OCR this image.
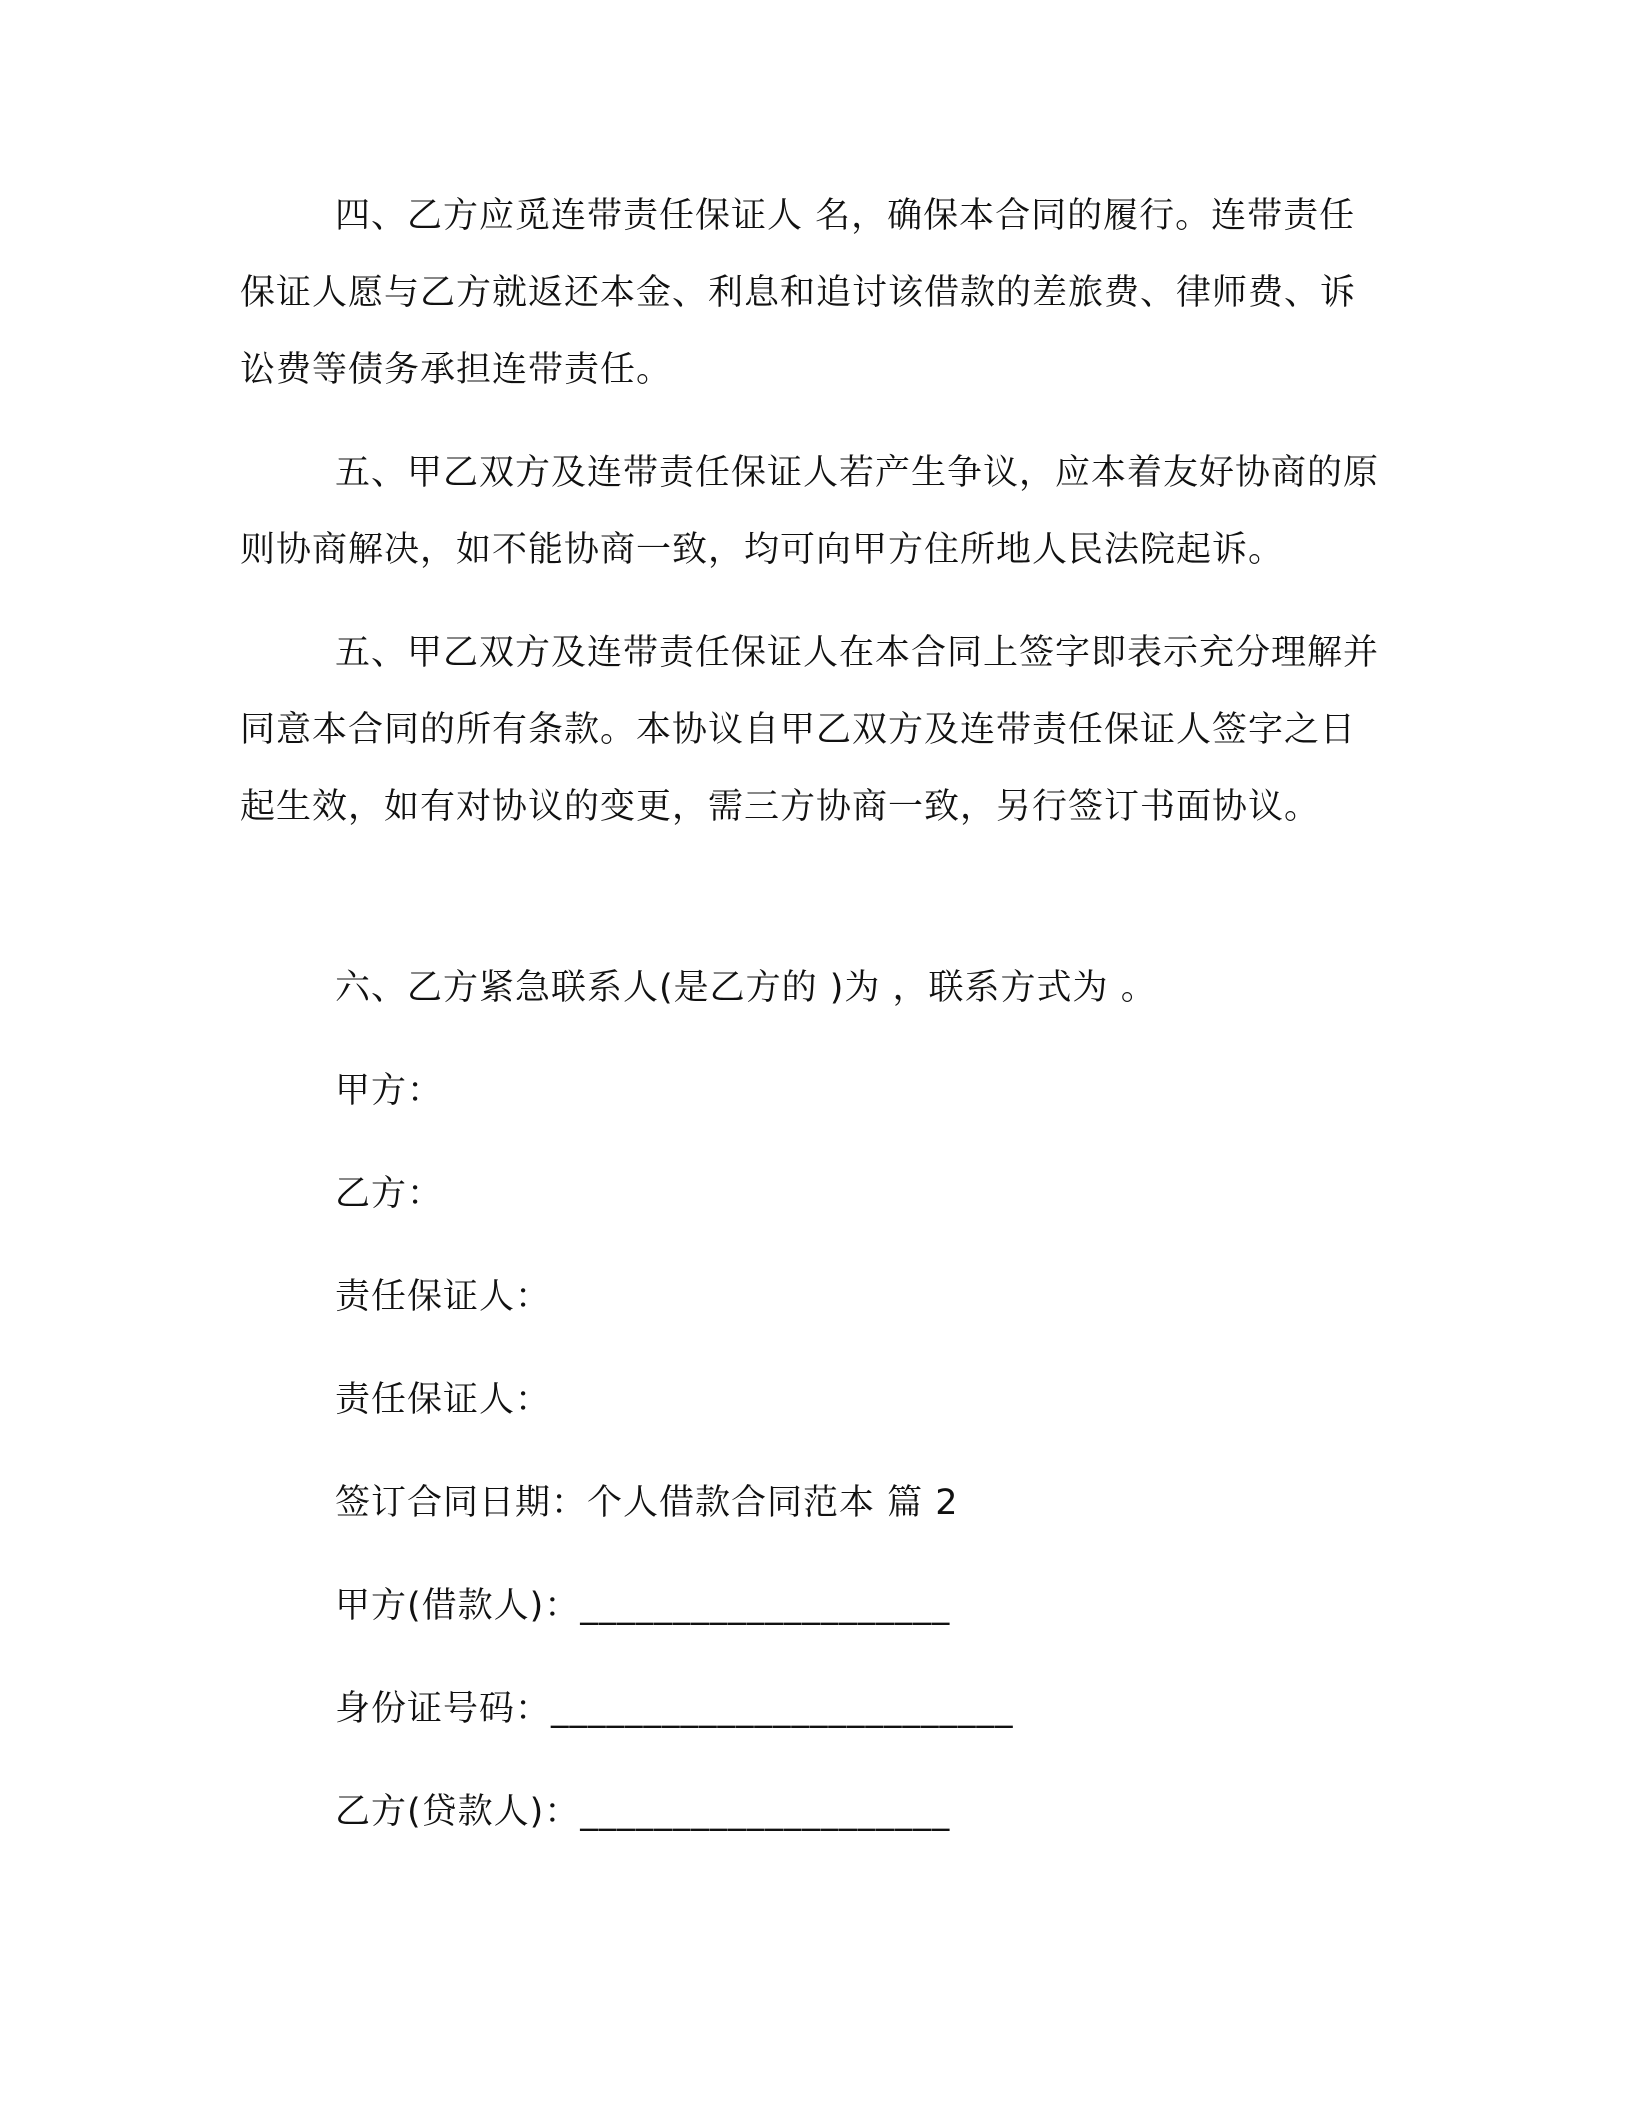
四、乙方应觅连带责任保证人 名，确保本合同的履行。连带责任保证人愿与乙方就返还本金、利息和追讨该借款的差旅费、律师费、诉讼费等债务承担连带责任。

五、甲乙双方及连带责任保证人若产生争议，应本着友好协商的原则协商解决，如不能协商一致，均可向甲方住所地人民法院起诉。

五、甲乙双方及连带责任保证人在本合同上签字即表示充分理解并同意本合同的所有条款。本协议自甲乙双方及连带责任保证人签字之日起生效，如有对协议的变更，需三方协商一致，另行签订书面协议。

六、乙方紧急联系人(是乙方的 )为 ，联系方式为 。

甲方：

乙方：

责任保证人：

责任保证人：

签订合同日期：个人借款合同范本 篇 2

甲方(借款人)：____________________

身份证号码：_________________________

乙方(贷款人)：____________________
